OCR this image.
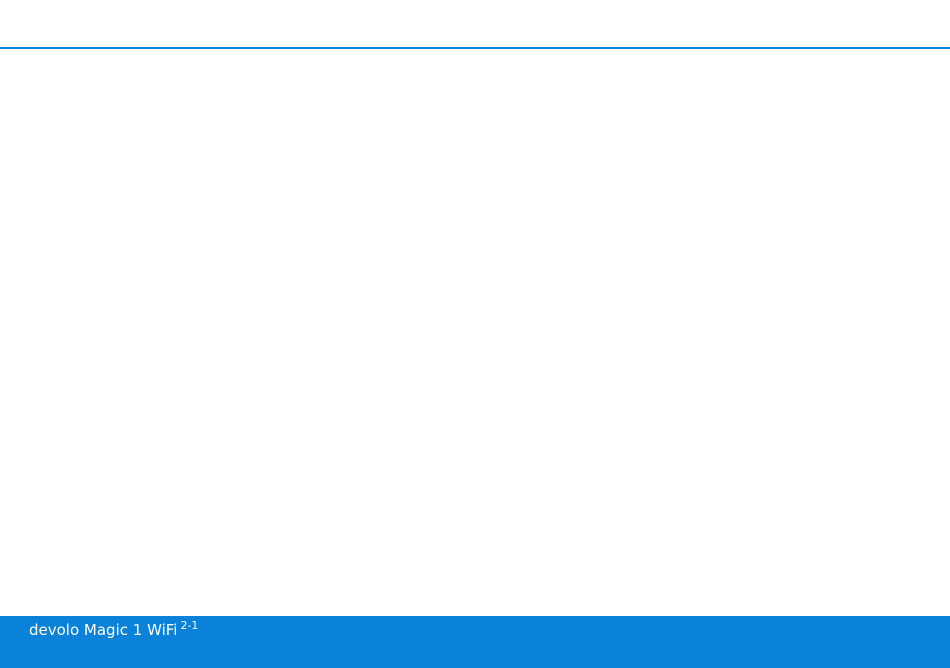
devolo Magic 1 WiFi $^{2-1}$
